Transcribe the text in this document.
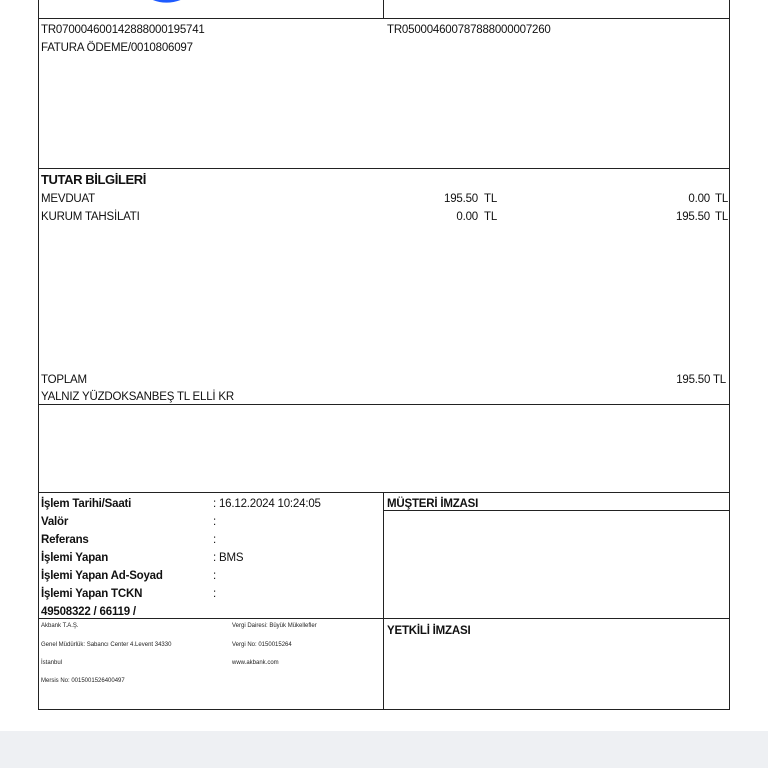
TR070004600142888000195741
FATURA ÖDEME/0010806097
TR050004600787888000007260
TUTAR BİLGİLERİ
MEVDUAT	195.50 TL	0.00 TL
KURUM TAHSİLATI	0.00 TL	195.50 TL
TOPLAM	195.50 TL
YALNIZ YÜZDOKSANBEŞ TL ELLİ KR
İşlem Tarihi/Saati	: 16.12.2024 10:24:05
Valör	:
Referans	:
İşlemi Yapan	: BMS
İşlemi Yapan Ad-Soyad	:
İşlemi Yapan TCKN	:
49508322 / 66119 /
MÜŞTERİ İMZASI
YETKİLİ İMZASI
Akbank T.A.Ş.
Genel Müdürlük: Sabancı Center 4.Levent 34330
İstanbul
Mersis No: 0015001526400497
Vergi Dairesi: Büyük Mükellefler
Vergi No: 0150015264
www.akbank.com
